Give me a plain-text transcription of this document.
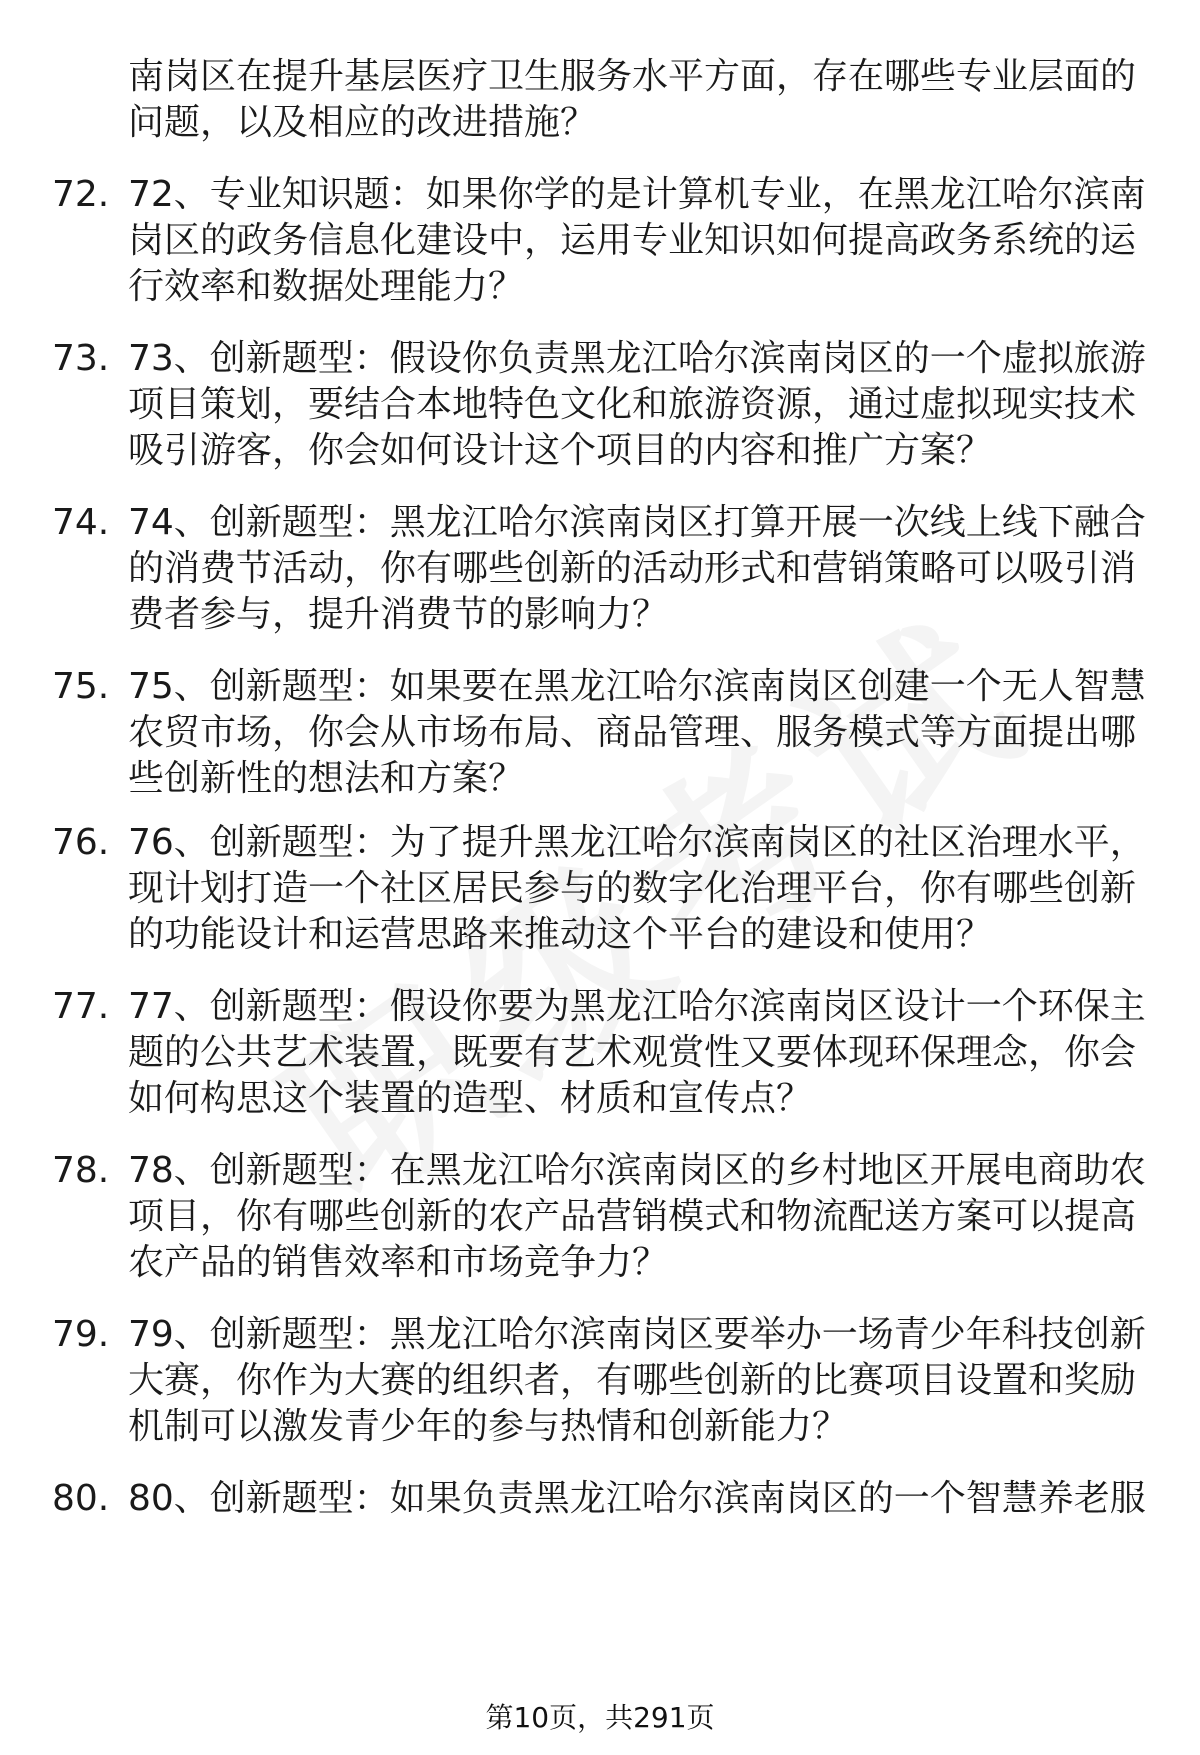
南岗区在提升基层医疗卫生服务水平方面，存在哪些专业层面的
问题，以及相应的改进措施？
72. 72、专业知识题：如果你学的是计算机专业，在黑龙江哈尔滨南
岗区的政务信息化建设中，运用专业知识如何提高政务系统的运
行效率和数据处理能力？
73. 73、创新题型：假设你负责黑龙江哈尔滨南岗区的一个虚拟旅游
项目策划，要结合本地特色文化和旅游资源，通过虚拟现实技术
吸引游客，你会如何设计这个项目的内容和推广方案？
74. 74、创新题型：黑龙江哈尔滨南岗区打算开展一次线上线下融合
的消费节活动，你有哪些创新的活动形式和营销策略可以吸引消
费者参与，提升消费节的影响力？
75. 75、创新题型：如果要在黑龙江哈尔滨南岗区创建一个无人智慧
农贸市场，你会从市场布局、商品管理、服务模式等方面提出哪
些创新性的想法和方案？
76. 76、创新题型：为了提升黑龙江哈尔滨南岗区的社区治理水平，
现计划打造一个社区居民参与的数字化治理平台，你有哪些创新
的功能设计和运营思路来推动这个平台的建设和使用？
77. 77、创新题型：假设你要为黑龙江哈尔滨南岗区设计一个环保主
题的公共艺术装置，既要有艺术观赏性又要体现环保理念，你会
如何构思这个装置的造型、材质和宣传点？
78. 78、创新题型：在黑龙江哈尔滨南岗区的乡村地区开展电商助农
项目，你有哪些创新的农产品营销模式和物流配送方案可以提高
农产品的销售效率和市场竞争力？
79. 79、创新题型：黑龙江哈尔滨南岗区要举办一场青少年科技创新
大赛，你作为大赛的组织者，有哪些创新的比赛项目设置和奖励
机制可以激发青少年的参与热情和创新能力？
80. 80、创新题型：如果负责黑龙江哈尔滨南岗区的一个智慧养老服
第10页，共291页
